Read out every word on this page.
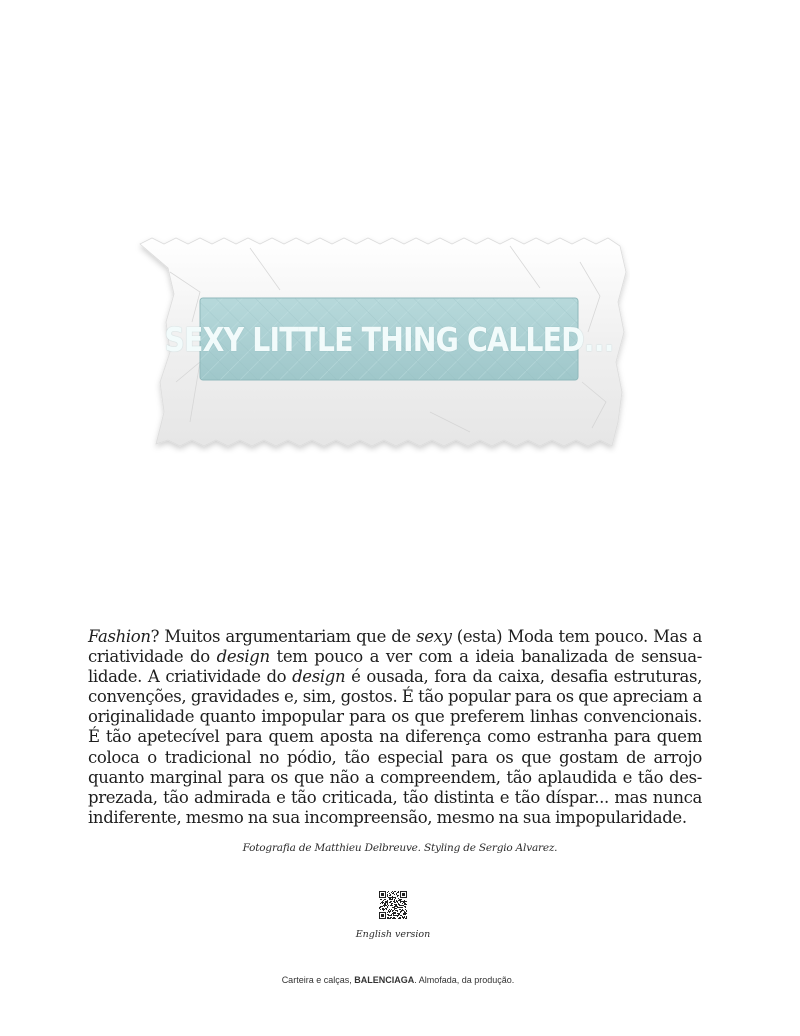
SEXY LITTLE THING CALLED...
Fashion? Muitos argumentariam que de sexy (esta) Moda tem pouco. Mas a
criatividade do design tem pouco a ver com a ideia banalizada de sensua-
lidade. A criatividade do design é ousada, fora da caixa, desafia estruturas,
convenções, gravidades e, sim, gostos. É tão popular para os que apreciam a
originalidade quanto impopular para os que preferem linhas convencionais.
É tão apetecível para quem aposta na diferença como estranha para quem
coloca o tradicional no pódio, tão especial para os que gostam de arrojo
quanto marginal para os que não a compreendem, tão aplaudida e tão des-
prezada, tão admirada e tão criticada, tão distinta e tão díspar... mas nunca
indiferente, mesmo na sua incompreensão, mesmo na sua impopularidade.
Fotografia de Matthieu Delbreuve. Styling de Sergio Alvarez.
English version
Carteira e calças, BALENCIAGA. Almofada, da produção.
